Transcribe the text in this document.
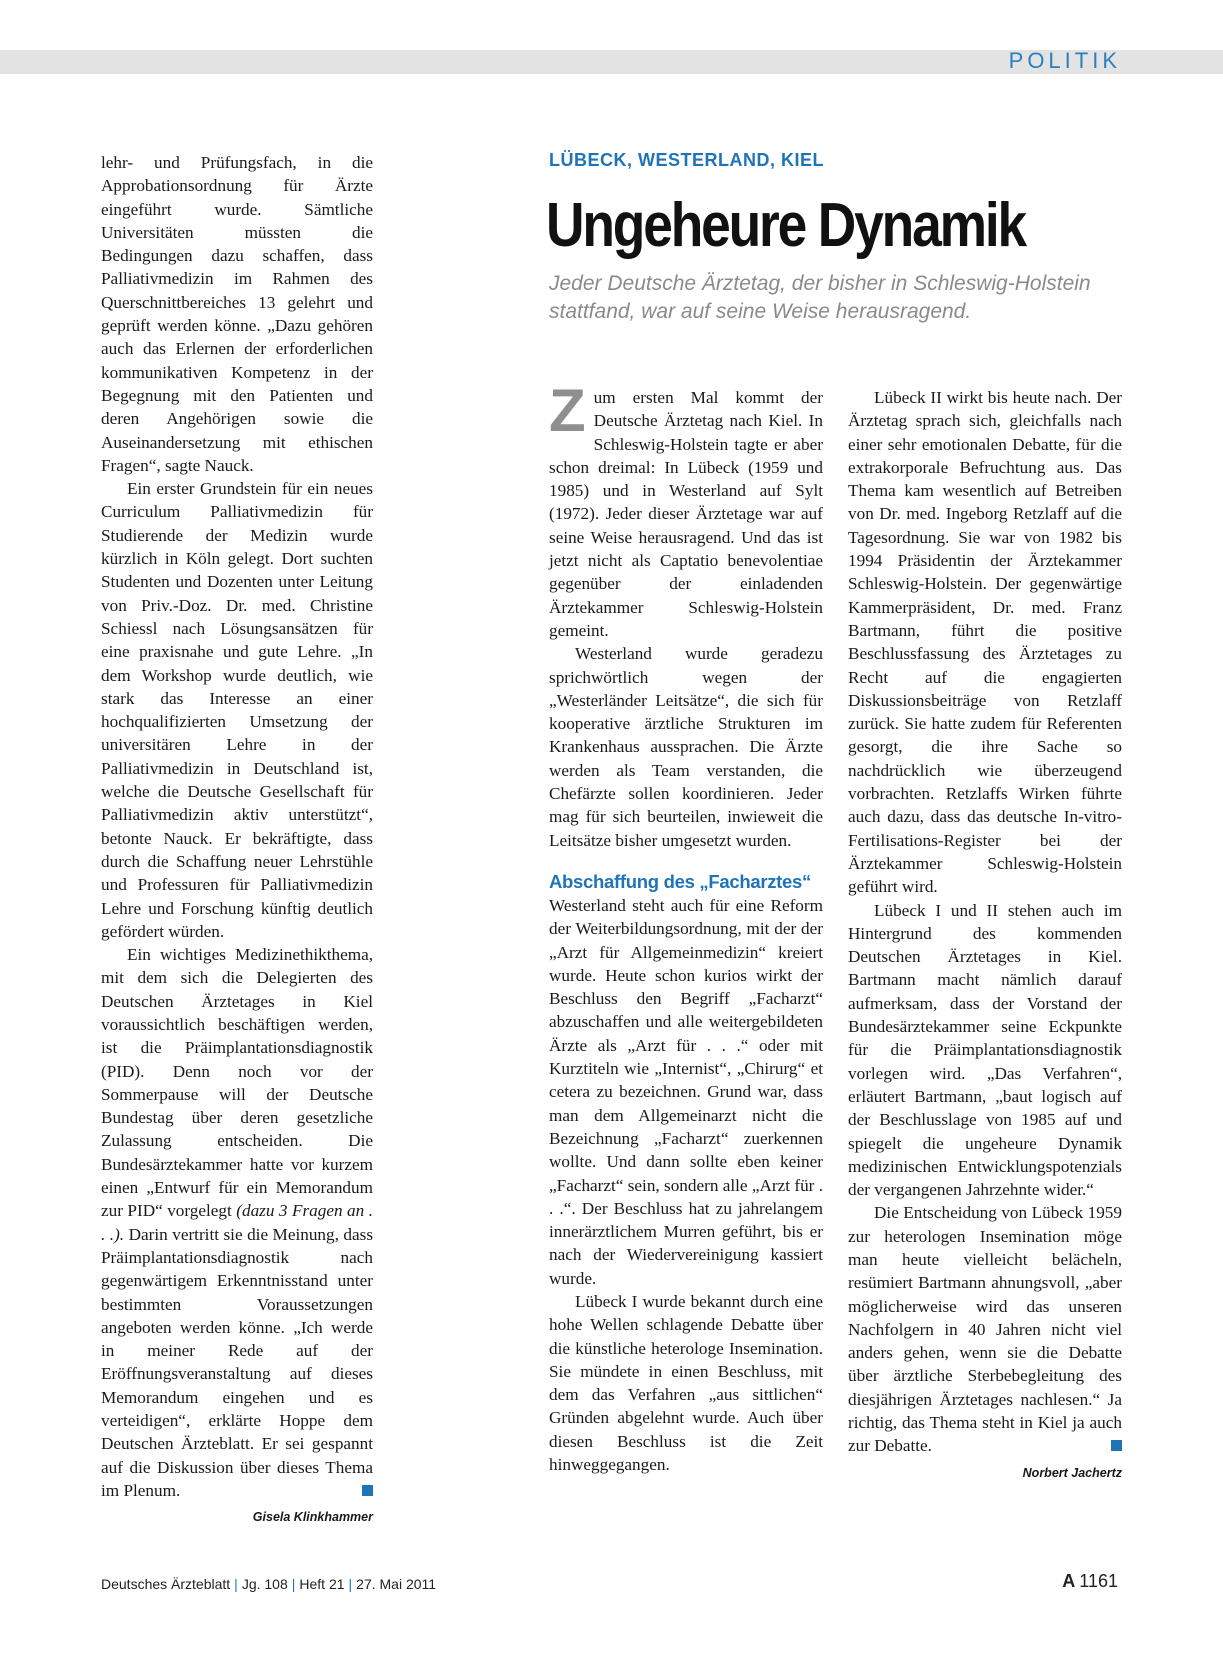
POLITIK

lehr- und Prüfungsfach, in die Approbationsordnung für Ärzte eingeführt wurde. Sämtliche Universitäten müssten die Bedingungen dazu schaffen, dass Palliativmedizin im Rahmen des Querschnittbereiches 13 gelehrt und geprüft werden könne. „Dazu gehören auch das Erlernen der erforderlichen kommunikativen Kompetenz in der Begegnung mit den Patienten und deren Angehörigen sowie die Auseinandersetzung mit ethischen Fragen“, sagte Nauck.

Ein erster Grundstein für ein neues Curriculum Palliativmedizin für Studierende der Medizin wurde kürzlich in Köln gelegt. Dort suchten Studenten und Dozenten unter Leitung von Priv.-Doz. Dr. med. Christine Schiessl nach Lösungsansätzen für eine praxisnahe und gute Lehre. „In dem Workshop wurde deutlich, wie stark das Interesse an einer hochqualifizierten Umsetzung der universitären Lehre in der Palliativmedizin in Deutschland ist, welche die Deutsche Gesellschaft für Palliativmedizin aktiv unterstützt“, betonte Nauck. Er bekräftigte, dass durch die Schaffung neuer Lehrstühle und Professuren für Palliativmedizin Lehre und Forschung künftig deutlich gefördert würden.

Ein wichtiges Medizinethikthema, mit dem sich die Delegierten des Deutschen Ärztetages in Kiel voraussichtlich beschäftigen werden, ist die Präimplantationsdiagnostik (PID). Denn noch vor der Sommerpause will der Deutsche Bundestag über deren gesetzliche Zulassung entscheiden. Die Bundesärztekammer hatte vor kurzem einen „Entwurf für ein Memorandum zur PID“ vorgelegt (dazu 3 Fragen an . . .). Darin vertritt sie die Meinung, dass Präimplantationsdiagnostik nach gegenwärtigem Erkenntnisstand unter bestimmten Voraussetzungen angeboten werden könne. „Ich werde in meiner Rede auf der Eröffnungsveranstaltung auf dieses Memorandum eingehen und es verteidigen“, erklärte Hoppe dem Deutschen Ärzteblatt. Er sei gespannt auf die Diskussion über dieses Thema im Plenum.

Gisela Klinkhammer
LÜBECK, WESTERLAND, KIEL
Ungeheure Dynamik
Jeder Deutsche Ärztetag, der bisher in Schleswig-Holstein stattfand, war auf seine Weise herausragend.

Zum ersten Mal kommt der Deutsche Ärztetag nach Kiel. In Schleswig-Holstein tagte er aber schon dreimal: In Lübeck (1959 und 1985) und in Westerland auf Sylt (1972). Jeder dieser Ärztetage war auf seine Weise herausragend. Und das ist jetzt nicht als Captatio benevolentiae gegenüber der einladenden Ärztekammer Schleswig-Holstein gemeint.

Westerland wurde geradezu sprichwörtlich wegen der „Westerländer Leitsätze“, die sich für kooperative ärztliche Strukturen im Krankenhaus aussprachen. Die Ärzte werden als Team verstanden, die Chefärzte sollen koordinieren. Jeder mag für sich beurteilen, inwieweit die Leitsätze bisher umgesetzt wurden.

Abschaffung des „Facharztes“

Westerland steht auch für eine Reform der Weiterbildungsordnung, mit der der „Arzt für Allgemeinmedizin“ kreiert wurde. Heute schon kurios wirkt der Beschluss den Begriff „Facharzt“ abzuschaffen und alle weitergebildeten Ärzte als „Arzt für . . .“ oder mit Kurztiteln wie „Internist“, „Chirurg“ et cetera zu bezeichnen. Grund war, dass man dem Allgemeinarzt nicht die Bezeichnung „Facharzt“ zuerkennen wollte. Und dann sollte eben keiner „Facharzt“ sein, sondern alle „Arzt für . . .“. Der Beschluss hat zu jahrelangem innerärztlichem Murren geführt, bis er nach der Wiedervereinigung kassiert wurde.

Lübeck I wurde bekannt durch eine hohe Wellen schlagende Debatte über die künstliche heterologe Insemination. Sie mündete in einen Beschluss, mit dem das Verfahren „aus sittlichen“ Gründen abgelehnt wurde. Auch über diesen Beschluss ist die Zeit hinweggegangen.

Lübeck II wirkt bis heute nach. Der Ärztetag sprach sich, gleichfalls nach einer sehr emotionalen Debatte, für die extrakorporale Befruchtung aus. Das Thema kam wesentlich auf Betreiben von Dr. med. Ingeborg Retzlaff auf die Tagesordnung. Sie war von 1982 bis 1994 Präsidentin der Ärztekammer Schleswig-Holstein. Der gegenwärtige Kammerpräsident, Dr. med. Franz Bartmann, führt die positive Beschlussfassung des Ärztetages zu Recht auf die engagierten Diskussionsbeiträge von Retzlaff zurück. Sie hatte zudem für Referenten gesorgt, die ihre Sache so nachdrücklich wie überzeugend vorbrachten. Retzlaffs Wirken führte auch dazu, dass das deutsche In-vitro-Fertilisations-Register bei der Ärztekammer Schleswig-Holstein geführt wird.

Lübeck I und II stehen auch im Hintergrund des kommenden Deutschen Ärztetages in Kiel. Bartmann macht nämlich darauf aufmerksam, dass der Vorstand der Bundesärztekammer seine Eckpunkte für die Präimplantationsdiagnostik vorlegen wird. „Das Verfahren“, erläutert Bartmann, „baut logisch auf der Beschlusslage von 1985 auf und spiegelt die ungeheure Dynamik medizinischen Entwicklungspotenzials der vergangenen Jahrzehnte wider.“

Die Entscheidung von Lübeck 1959 zur heterologen Insemination möge man heute vielleicht belächeln, resümiert Bartmann ahnungsvoll, „aber möglicherweise wird das unseren Nachfolgern in 40 Jahren nicht viel anders gehen, wenn sie die Debatte über ärztliche Sterbebegleitung des diesjährigen Ärztetages nachlesen.“ Ja richtig, das Thema steht in Kiel ja auch zur Debatte.

Norbert Jachertz
Deutsches Ärzteblatt | Jg. 108 | Heft 21 | 27. Mai 2011	A 1161
